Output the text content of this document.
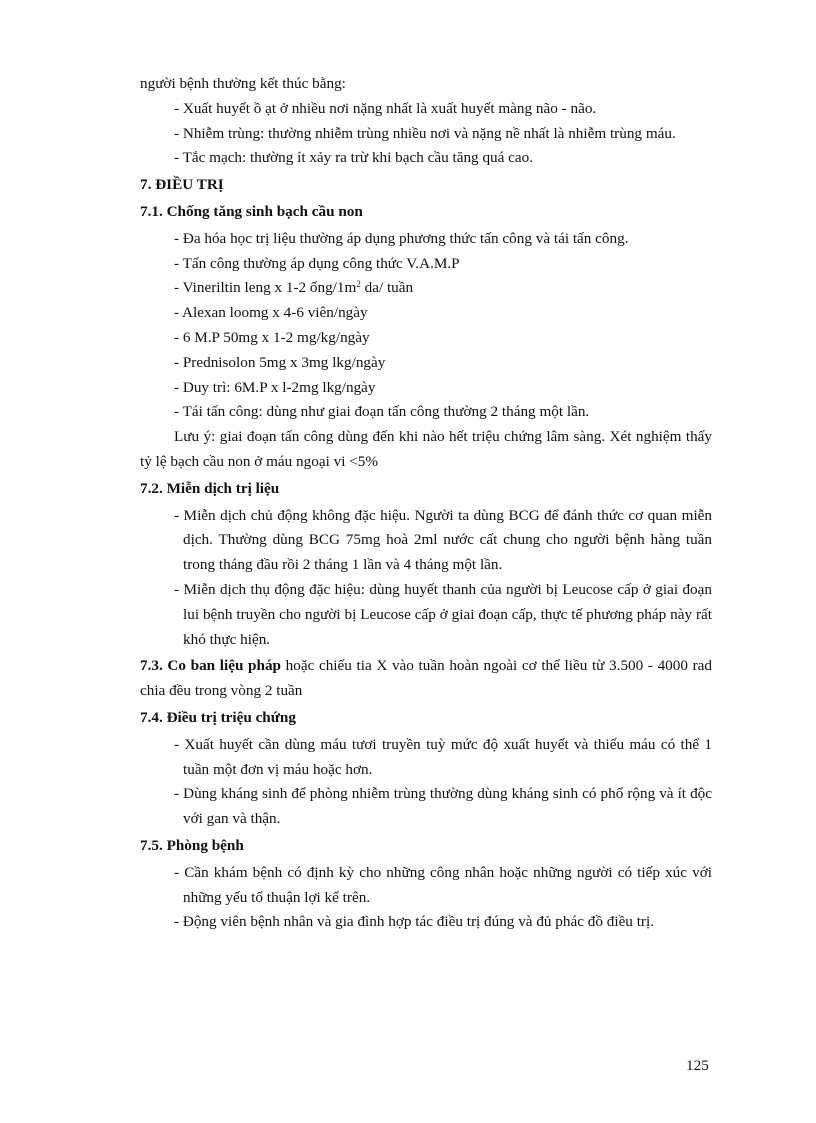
người bệnh thường kết thúc bằng:

- Xuất huyết ồ ạt ở nhiều nơi nặng nhất là xuất huyết màng não - não.

- Nhiễm trùng: thường nhiễm trùng nhiều nơi và nặng nề nhất là nhiễm trùng máu.

- Tắc mạch: thường ít xảy ra trừ khi bạch cầu tăng quá cao.

7. ĐIỀU TRỊ

7.1. Chống tăng sinh bạch cầu non

- Đa hóa học trị liệu thường áp dụng phương thức tấn công và tái tấn công.

- Tấn công thường áp dụng công thức V.A.M.P

- Vineriltin leng x 1-2 ống/$1m^2$ da/ tuần

- Alexan loomg x 4-6 viên/ngày

- 6 M.P 50mg x 1-2 mg/kg/ngày

- Prednisolon 5mg x 3mg lkg/ngày

- Duy trì: 6M.P x l-2mg lkg/ngày

- Tái tấn công: dùng như giai đoạn tấn công thường 2 tháng một lần.

Lưu ý: giai đoạn tấn công dùng đến khi nào hết triệu chứng lâm sàng. Xét nghiệm thấy tỷ lệ bạch cầu non ở máu ngoại vi <5%

7.2. Miễn dịch trị liệu

- Miễn dịch chủ động không đặc hiệu. Người ta dùng BCG để đánh thức cơ quan miễn dịch. Thường dùng BCG 75mg hoà 2ml nước cất chung cho người bệnh hàng tuần trong tháng đầu rồi 2 tháng 1 lần và 4 tháng một lần.

- Miễn dịch thụ động đặc hiệu: dùng huyết thanh của người bị Leucose cấp ở giai đoạn lui bệnh truyền cho người bị Leucose cấp ở giai đoạn cấp, thực tế phương pháp này rất khó thực hiện.

7.3. Co ban liệu pháp hoặc chiếu tia X vào tuần hoàn ngoài cơ thể liều từ 3.500 - 4000 rad chia đều trong vòng 2 tuần

7.4. Điều trị triệu chứng

- Xuất huyết cần dùng máu tươi truyền tuỳ mức độ xuất huyết và thiếu máu có thể 1 tuần một đơn vị máu hoặc hơn.

- Dùng kháng sinh để phòng nhiễm trùng thường dùng kháng sinh có phổ rộng và ít độc với gan và thận.

7.5. Phòng bệnh

- Cần khám bệnh có định kỳ cho những công nhân hoặc những người có tiếp xúc với những yếu tố thuận lợi kể trên.

- Động viên bệnh nhân và gia đình hợp tác điều trị đúng và đủ phác đồ điều trị.

125
